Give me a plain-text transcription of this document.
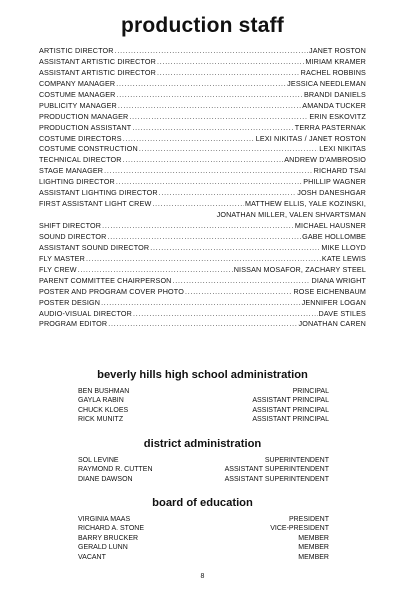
production staff
ARTISTIC DIRECTOR .....	JANET ROSTON
ASSISTANT ARTISTIC DIRECTOR .....	MIRIAM KRAMER
ASSISTANT ARTISTIC DIRECTOR .....	RACHEL ROBBINS
COMPANY MANAGER .....	JESSICA NEEDLEMAN
COSTUME MANAGER .....	BRANDI DANIELS
PUBLICITY MANAGER .....	AMANDA TUCKER
PRODUCTION MANAGER .....	ERIN ESKOVITZ
PRODUCTION ASSISTANT .....	TERRA PASTERNAK
COSTUME DIRECTORS .....	LEXI NIKITAS / JANET ROSTON
COSTUME CONSTRUCTION .....	LEXI NIKITAS
TECHNICAL DIRECTOR .....	ANDREW D'AMBROSIO
STAGE MANAGER .....	RICHARD TSAI
LIGHTING DIRECTOR .....	PHILLIP WAGNER
ASSISTANT LIGHTING DIRECTOR .....	JOSH DANESHGAR
FIRST ASSISTANT LIGHT CREW .....	MATTHEW ELLIS, YALE KOZINSKI,
JONATHAN MILLER, VALEN SHVARTSMAN
SHIFT DIRECTOR .....	MICHAEL HAUSNER
SOUND DIRECTOR .....	GABE HOLLOMBE
ASSISTANT SOUND DIRECTOR .....	MIKE LLOYD
FLY MASTER .....	KATE LEWIS
FLY CREW .....	NISSAN MOSAFOR, ZACHARY STEEL
PARENT COMMITTEE CHAIRPERSON .....	DIANA WRIGHT
POSTER AND PROGRAM COVER PHOTO .....	ROSE EICHENBAUM
POSTER DESIGN .....	JENNIFER LOGAN
AUDIO-VISUAL DIRECTOR .....	DAVE STILES
PROGRAM EDITOR .....	JONATHAN CAREN
beverly hills high school administration
BEN BUSHMAN	PRINCIPAL
GAYLA RABIN	ASSISTANT PRINCIPAL
CHUCK KLOES	ASSISTANT PRINCIPAL
RICK MUNITZ	ASSISTANT PRINCIPAL
district administration
SOL LEVINE	SUPERINTENDENT
RAYMOND R. CUTTEN	ASSISTANT SUPERINTENDENT
DIANE DAWSON	ASSISTANT SUPERINTENDENT
board of education
VIRGINIA MAAS	PRESIDENT
RICHARD A. STONE	VICE-PRESIDENT
BARRY BRUCKER	MEMBER
GERALD LUNN	MEMBER
VACANT	MEMBER
8
